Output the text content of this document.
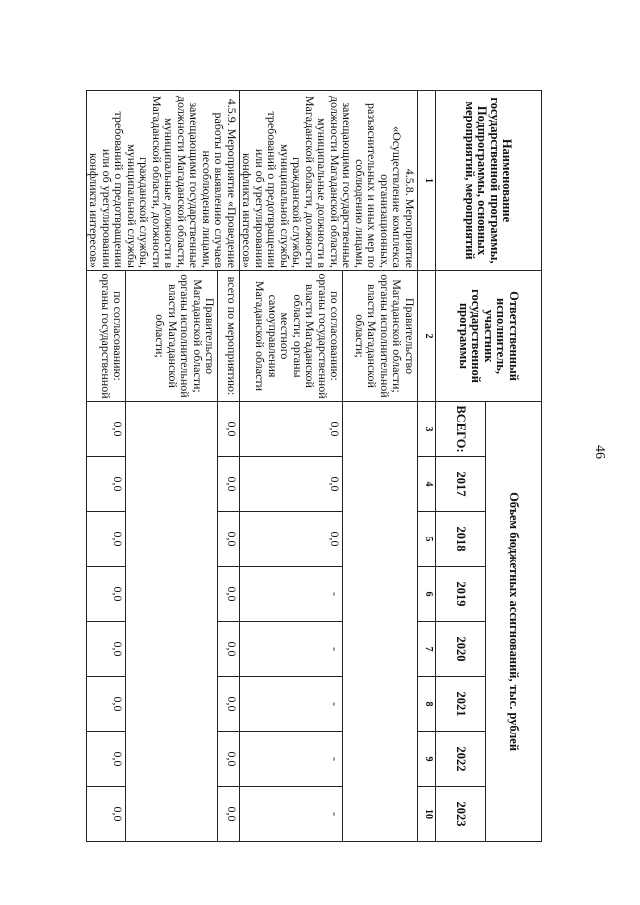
46
Наименование государственной программы, Подпрограммы, основных мероприятий, мероприятий	Ответственный исполнитель, участник государственной программы	Объем бюджетных ассигнований, тыс. рублей							
		ВСЕГО:	2017	2018	2019	2020	2021	2022	2023
1	2	3	4	5	6	7	8	9	10
4.5.8. Мероприятие «Осуществление комплекса организационных, разъяснительных и иных мер по соблюдению лицами, замещающими государственные должности Магаданской области, муниципальные должности в Магаданской области, должности гражданской службы, муниципальной службы требований о предотвращении или об урегулировании конфликта интересов»	Правительство Магаданской области; органы исполнительной власти Магаданской области;								
	по согласованию: органы государственной власти Магаданской области; органы местного самоуправления Магаданской области	0,0	0,0	0,0	-	-	-	-	-
4.5.9. Мероприятие «Проведение работы по выявлению случаев несоблюдения лицами, замещающими государственные должности Магаданской области, муниципальные должности в Магаданской области, должности гражданской службы, муниципальной службы требований о предотвращении или об урегулировании конфликта интересов»	всего по мероприятию:	0,0	0,0	0,0	0,0	0,0	0,0	0,0	0,0
	Правительство Магаданской области; органы исполнительной власти Магаданской области;								
	по согласованию: органы государственной	0,0	0,0	0,0	0,0	0,0	0,0	0,0	0,0
